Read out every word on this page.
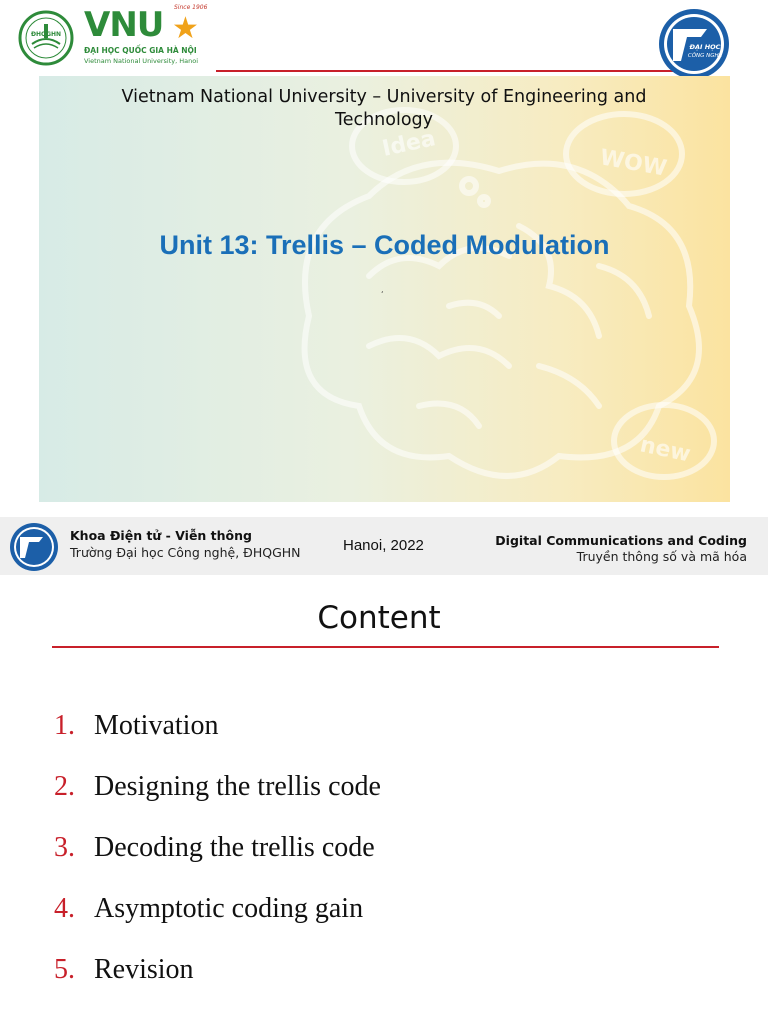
ĐHQGHN
Since 1906
VNU ★
ĐẠI HỌC QUỐC GIA HÀ NỘI
Vietnam National University, Hanoi
ĐẠI HỌC
CÔNG NGHỆ
Idea
WOW
new
Vietnam National University – University of Engineering and Technology
Unit 13: Trellis – Coded Modulation
‘
Khoa Điện tử - Viễn thông
Trường Đại học Công nghệ, ĐHQGHN	Hanoi, 2022	Digital Communications and Coding
Truyền thông số và mã hóa
Content
1. Motivation
2. Designing the trellis code
3. Decoding the trellis code
4. Asymptotic coding gain
5. Revision
